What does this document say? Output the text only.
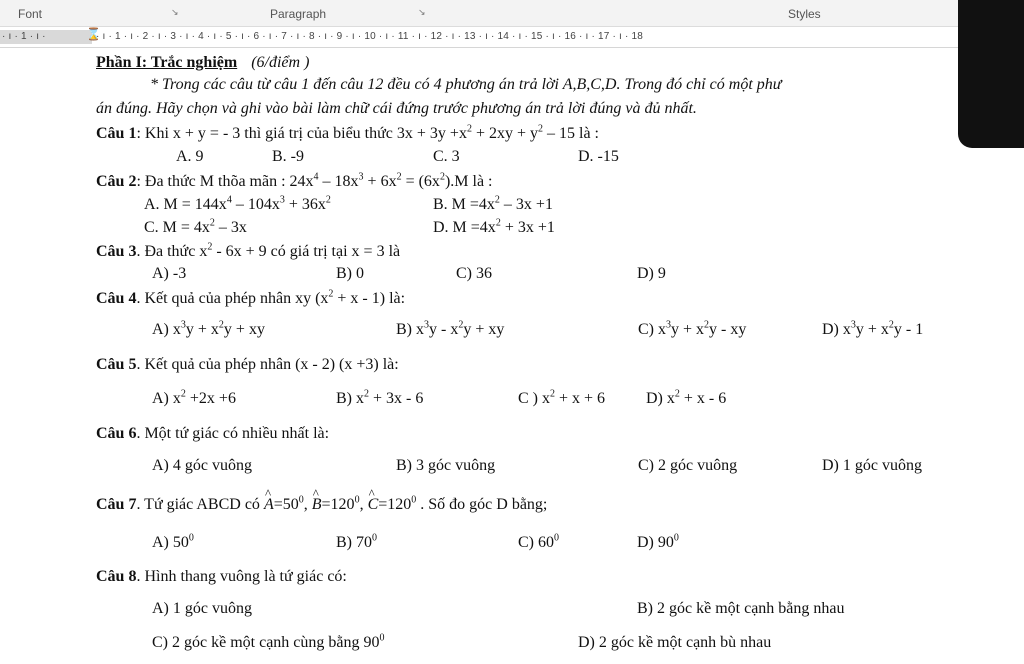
Font	↘	Paragraph	↘	Styles
· ı · 1 · ı ·	· ı · 1 · ı · 2 · ı · 3 · ı · 4 · ı · 5 · ı · 6 · ı · 7 · ı · 8 · ı · 9 · ı · 10 · ı · 11 · ı · 12 · ı · 13 · ı · 14 · ı · 15 · ı · 16 · ı · 17 · ı · 18
⌛
Phần I: Trắc nghiệm (6/điểm )
* Trong các câu từ câu 1 đến câu 12 đều có 4 phương án trả lời A,B,C,D. Trong đó chỉ có một phư
án đúng. Hãy chọn và ghi vào bài làm chữ cái đứng trước phương án trả lời đúng và đủ nhất.
Câu 1: Khi x + y = - 3 thì giá trị của biểu thức $3x + 3y +x^2 + 2xy + y^2 - 15$ là :
A. 9	B. -9	C. 3	D. -15
Câu 2: Đa thức M thõa mãn : $24x^4 - 18x^3 + 6x^2 = (6x^2).M$ là :
A. $M = 144x^4 - 104x^3 + 36x^2$	B. $M =4x^2 - 3x +1$
C. $M = 4x^2 - 3x$	D. $M =4x^2 + 3x +1$
Câu 3. Đa thức $x^2 - 6x + 9$ có giá trị tại x = 3 là
A) -3	B) 0	C) 36	D) 9
Câu 4. Kết quả của phép nhân xy $(x^2 + x - 1)$ là:
A) $x^3y + x^2y$ + xy	B) $x^3y - x^2y$ + xy	C) $x^3y + x^2y$ - xy	D) $x^3y + x^2y - 1$
Câu 5. Kết quả của phép nhân (x - 2) (x +3) là:
A) $x^2 +2x +6$	B) $x^2 + 3x - 6$	C ) $x^2 + x + 6$	D) $x^2 + x - 6$
Câu 6. Một tứ giác có nhiều nhất là:
A) 4 góc vuông	B) 3 góc vuông	C) 2 góc vuông	D) 1 góc vuông
Câu 7. Tứ giác ABCD có ^ $A=50^0$, ^ $B=120^0$, ^ $C=120^0$ . Số đo góc D bằng;
A) $50^0$	B) $70^0$	C) $60^0$	D) $90^0$
Câu 8. Hình thang vuông là tứ giác có:
A) 1 góc vuông	B) 2 góc kề một cạnh bằng nhau
C) 2 góc kề một cạnh cùng bằng $90^0$	D) 2 góc kề một cạnh bù nhau
